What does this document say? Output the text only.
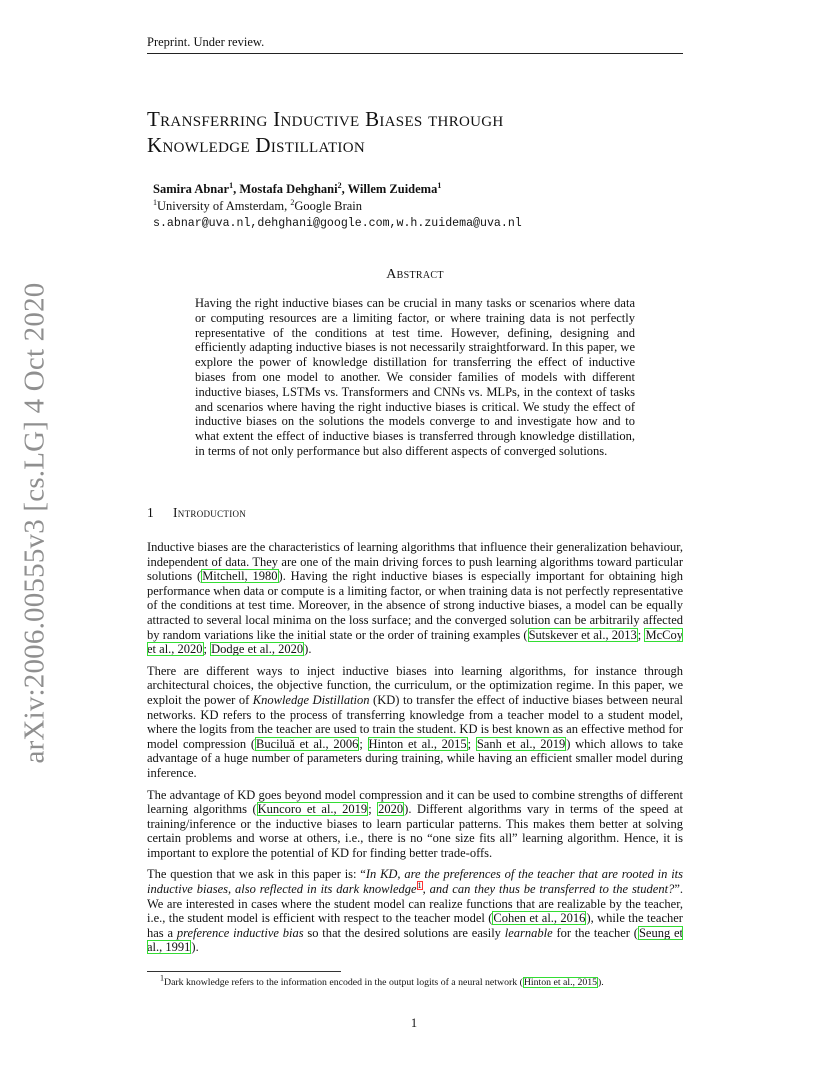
Preprint. Under review.
arXiv:2006.00555v3 [cs.LG] 4 Oct 2020
Transferring Inductive Biases through
Knowledge Distillation
Samira Abnar$^1$, Mostafa Dehghani$^2$, Willem Zuidema$^1$
$^1$University of Amsterdam, $^2$Google Brain
s.abnar@uva.nl,dehghani@google.com,w.h.zuidema@uva.nl
Abstract
Having the right inductive biases can be crucial in many tasks or scenarios where data or computing resources are a limiting factor, or where training data is not perfectly representative of the conditions at test time. However, defining, designing and efficiently adapting inductive biases is not necessarily straightforward. In this paper, we explore the power of knowledge distillation for transferring the effect of inductive biases from one model to another. We consider families of models with different inductive biases, LSTMs vs. Transformers and CNNs vs. MLPs, in the context of tasks and scenarios where having the right inductive biases is critical. We study the effect of inductive biases on the solutions the models converge to and investigate how and to what extent the effect of inductive biases is transferred through knowledge distillation, in terms of not only performance but also different aspects of converged solutions.
1 Introduction

Inductive biases are the characteristics of learning algorithms that influence their generalization behaviour, independent of data. They are one of the main driving forces to push learning algorithms toward particular solutions (Mitchell, 1980). Having the right inductive biases is especially important for obtaining high performance when data or compute is a limiting factor, or when training data is not perfectly representative of the conditions at test time. Moreover, in the absence of strong inductive biases, a model can be equally attracted to several local minima on the loss surface; and the converged solution can be arbitrarily affected by random variations like the initial state or the order of training examples (Sutskever et al., 2013; McCoy et al., 2020; Dodge et al., 2020).

There are different ways to inject inductive biases into learning algorithms, for instance through architectural choices, the objective function, the curriculum, or the optimization regime. In this paper, we exploit the power of Knowledge Distillation (KD) to transfer the effect of inductive biases between neural networks. KD refers to the process of transferring knowledge from a teacher model to a student model, where the logits from the teacher are used to train the student. KD is best known as an effective method for model compression (Buciluǎ et al., 2006; Hinton et al., 2015; Sanh et al., 2019) which allows to take advantage of a huge number of parameters during training, while having an efficient smaller model during inference.

The advantage of KD goes beyond model compression and it can be used to combine strengths of different learning algorithms (Kuncoro et al., 2019; 2020). Different algorithms vary in terms of the speed at training/inference or the inductive biases to learn particular patterns. This makes them better at solving certain problems and worse at others, i.e., there is no “one size fits all” learning algorithm. Hence, it is important to explore the potential of KD for finding better trade-offs.

The question that we ask in this paper is: “In KD, are the preferences of the teacher that are rooted in its inductive biases, also reflected in its dark knowledge$^1$, and can they thus be transferred to the student?”. We are interested in cases where the student model can realize functions that are realizable by the teacher, i.e., the student model is efficient with respect to the teacher model (Cohen et al., 2016), while the teacher has a preference inductive bias so that the desired solutions are easily learnable for the teacher (Seung et al., 1991).

$^1$Dark knowledge refers to the information encoded in the output logits of a neural network (Hinton et al., 2015).
1
